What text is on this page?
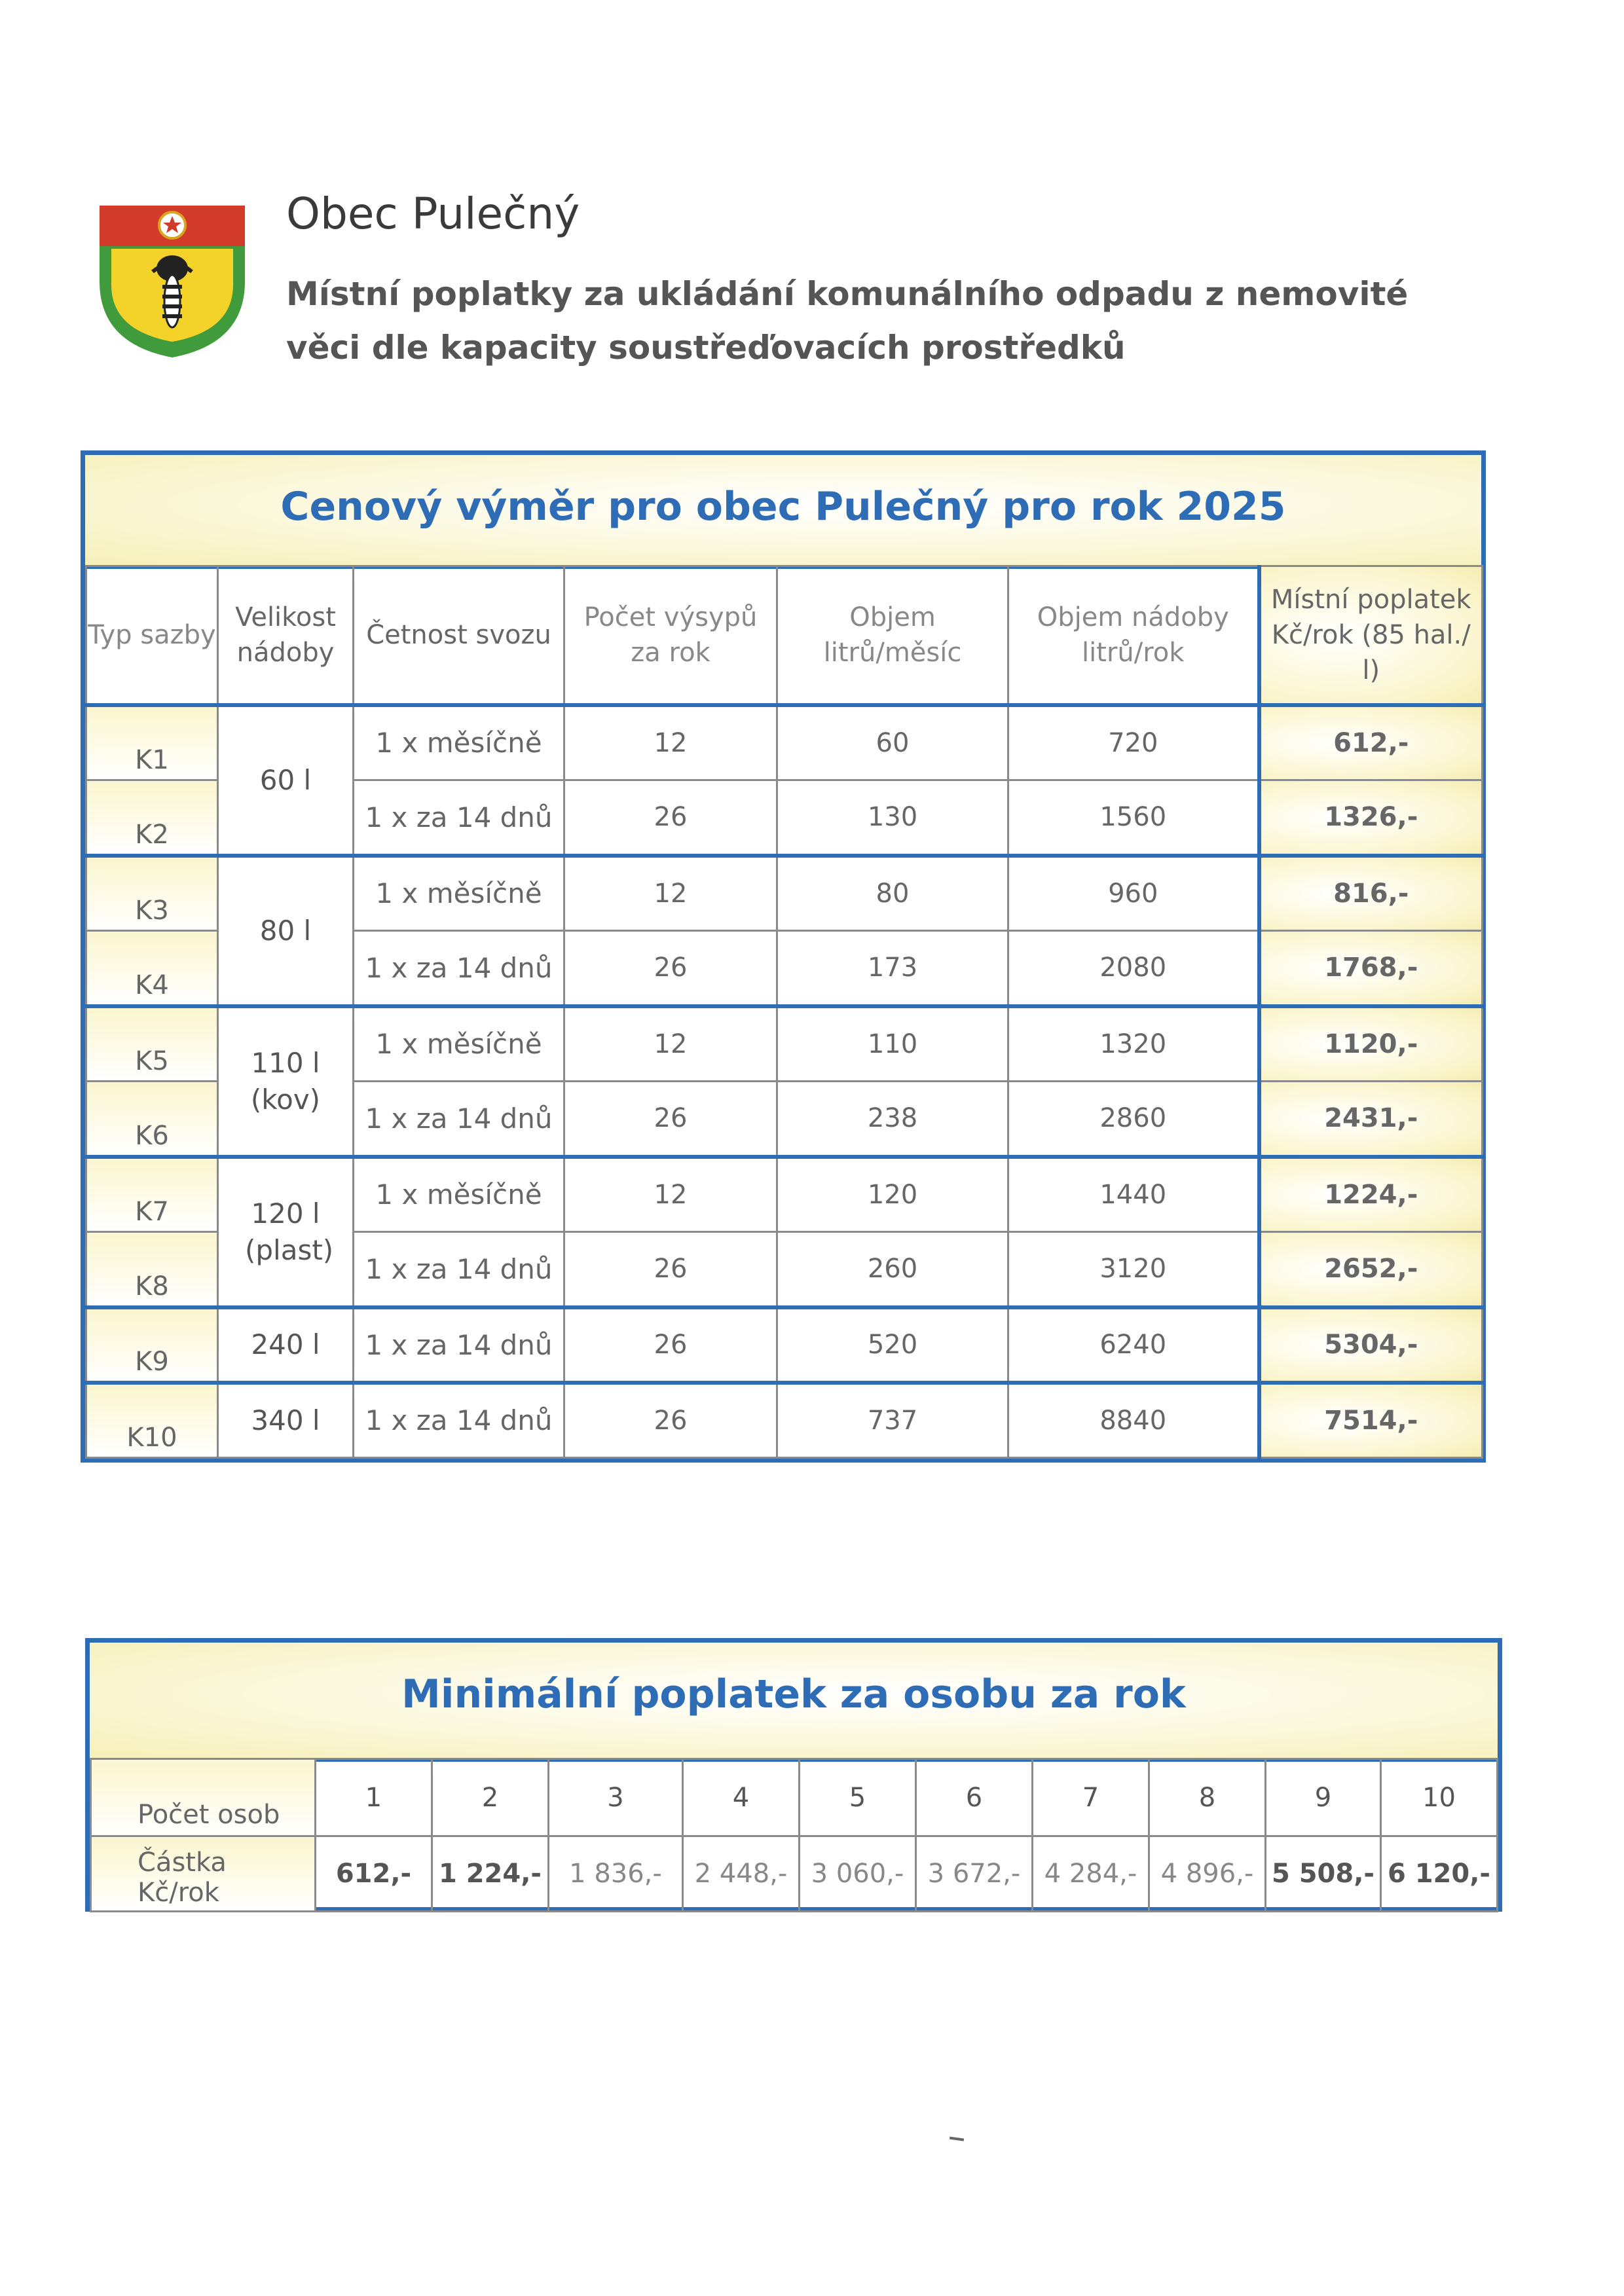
Obec Pulečný
Místní poplatky za ukládání komunálního odpadu z nemovité věci dle kapacity soustřeďovacích prostředků
Cenový výměr pro obec Pulečný pro rok 2025
Typ sazby	Velikost nádoby	Četnost svozu	Počet výsypů za rok	Objem litrů/měsíc	Objem nádoby litrů/rok	Místní poplatek Kč/rok (85 hal./ l)

K1	60 l	1 x měsíčně	12	60	720	612,-

K2		1 x za 14 dnů	26	130	1560	1326,-

K3	80 l	1 x měsíčně	12	80	960	816,-

K4		1 x za 14 dnů	26	173	2080	1768,-

K5	110 l (kov)	1 x měsíčně	12	110	1320	1120,-

K6		1 x za 14 dnů	26	238	2860	2431,-

K7	120 l (plast)	1 x měsíčně	12	120	1440	1224,-

K8		1 x za 14 dnů	26	260	3120	2652,-

K9	240 l	1 x za 14 dnů	26	520	6240	5304,-

K10	340 l	1 x za 14 dnů	26	737	8840	7514,-
Minimální poplatek za osobu za rok
Počet osob	1	2	3	4	5	6	7	8	9	10
Částka Kč/rok	612,-	1 224,-	1 836,-	2 448,-	3 060,-	3 672,-	4 284,-	4 896,-	5 508,-	6 120,-
